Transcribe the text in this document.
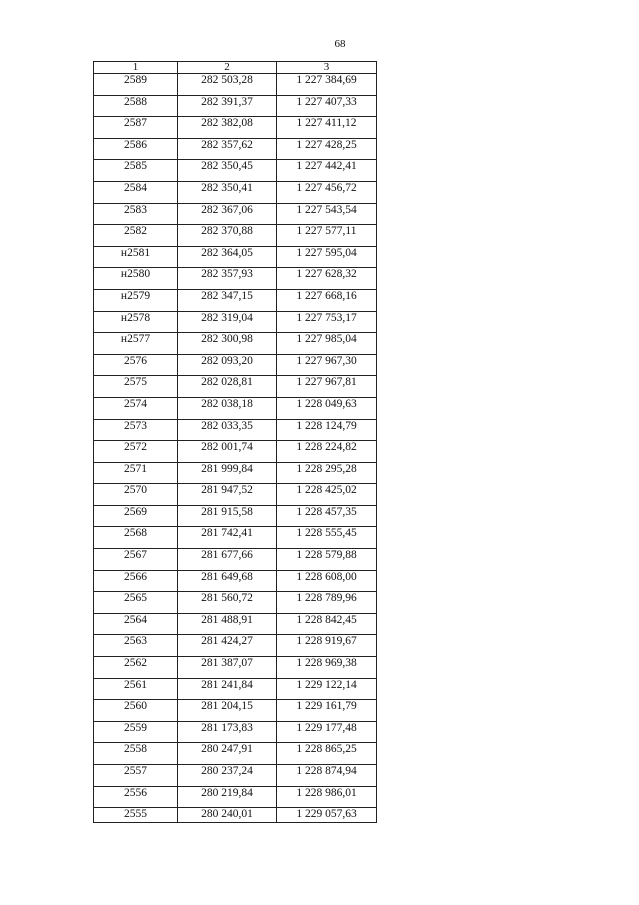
68
1	2	3
2589	282 503,28	1 227 384,69
2588	282 391,37	1 227 407,33
2587	282 382,08	1 227 411,12
2586	282 357,62	1 227 428,25
2585	282 350,45	1 227 442,41
2584	282 350,41	1 227 456,72
2583	282 367,06	1 227 543,54
2582	282 370,88	1 227 577,11
н2581	282 364,05	1 227 595,04
н2580	282 357,93	1 227 628,32
н2579	282 347,15	1 227 668,16
н2578	282 319,04	1 227 753,17
н2577	282 300,98	1 227 985,04
2576	282 093,20	1 227 967,30
2575	282 028,81	1 227 967,81
2574	282 038,18	1 228 049,63
2573	282 033,35	1 228 124,79
2572	282 001,74	1 228 224,82
2571	281 999,84	1 228 295,28
2570	281 947,52	1 228 425,02
2569	281 915,58	1 228 457,35
2568	281 742,41	1 228 555,45
2567	281 677,66	1 228 579,88
2566	281 649,68	1 228 608,00
2565	281 560,72	1 228 789,96
2564	281 488,91	1 228 842,45
2563	281 424,27	1 228 919,67
2562	281 387,07	1 228 969,38
2561	281 241,84	1 229 122,14
2560	281 204,15	1 229 161,79
2559	281 173,83	1 229 177,48
2558	280 247,91	1 228 865,25
2557	280 237,24	1 228 874,94
2556	280 219,84	1 228 986,01
2555	280 240,01	1 229 057,63
